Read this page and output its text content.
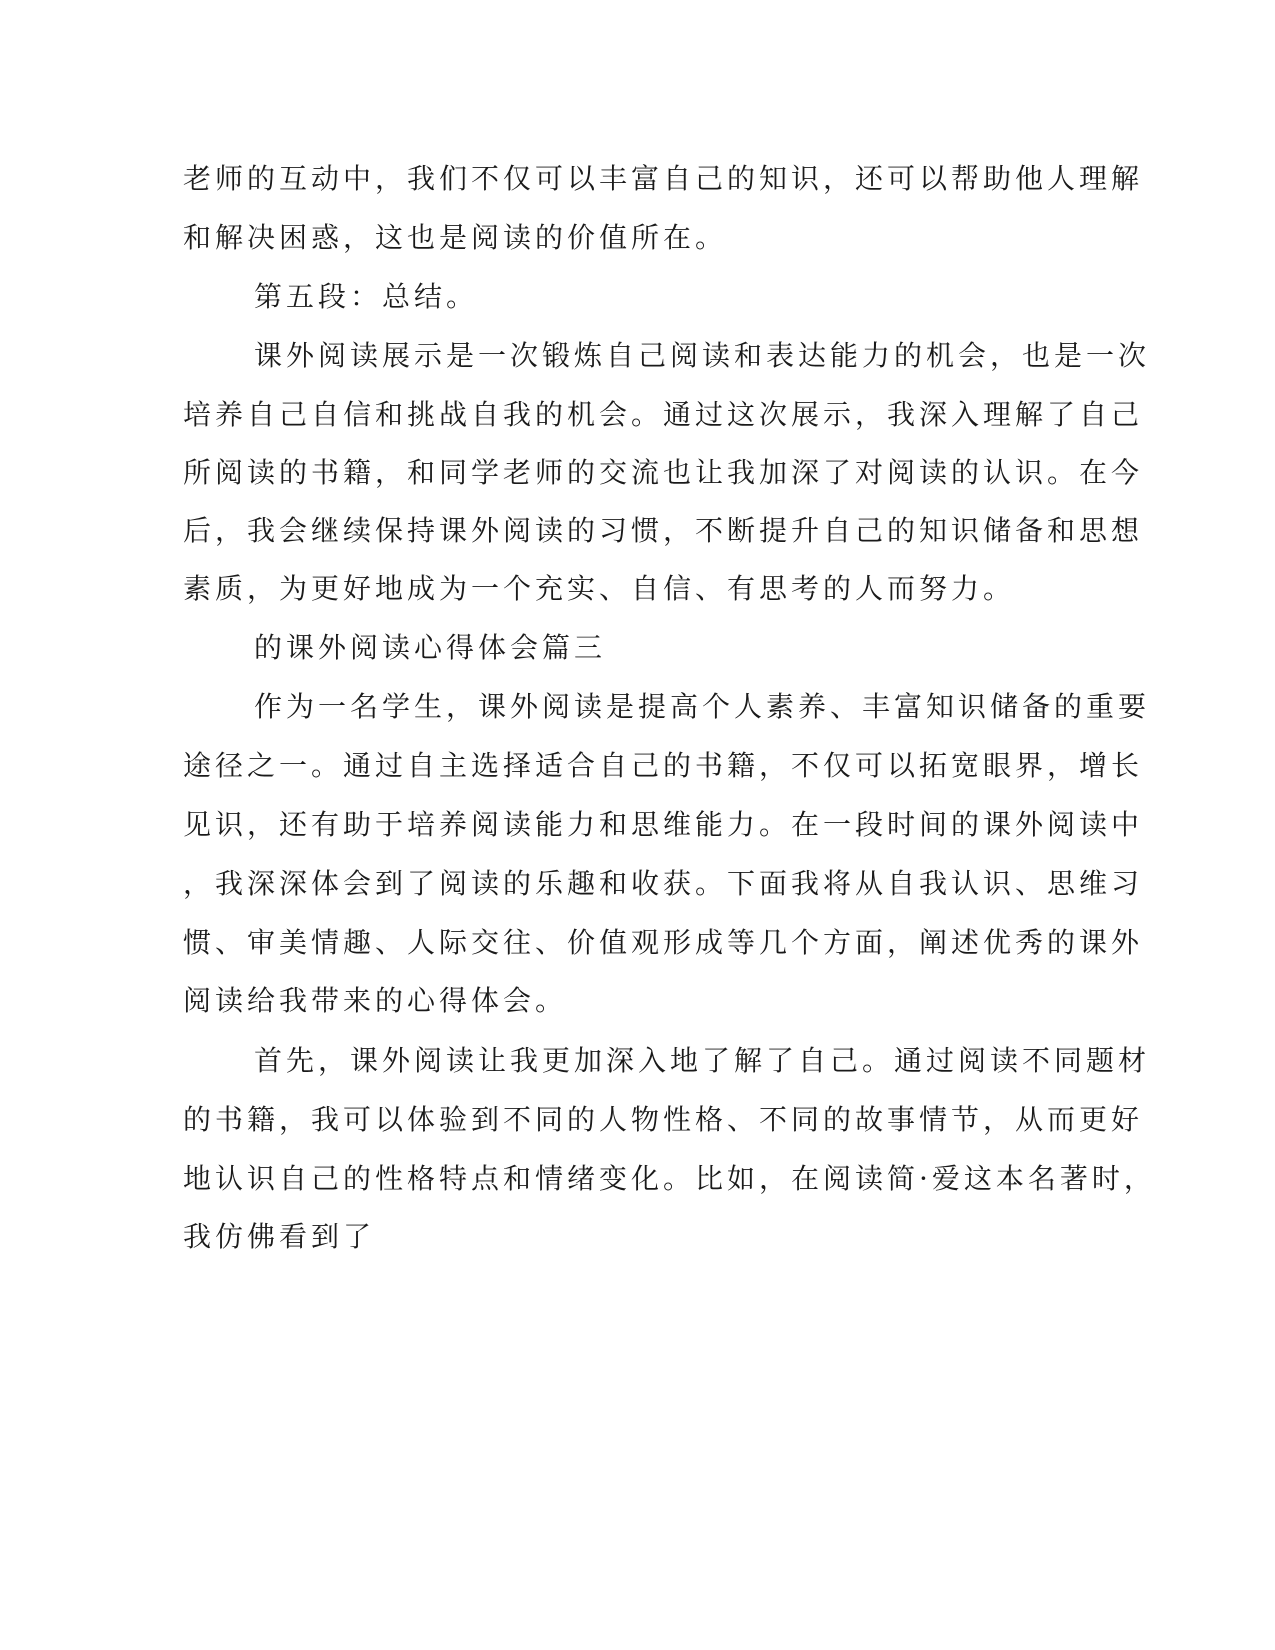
老师的互动中，我们不仅可以丰富自己的知识，还可以帮助他人理解
和解决困惑，这也是阅读的价值所在。
第五段：总结。
课外阅读展示是一次锻炼自己阅读和表达能力的机会，也是一次
培养自己自信和挑战自我的机会。通过这次展示，我深入理解了自己
所阅读的书籍，和同学老师的交流也让我加深了对阅读的认识。在今
后，我会继续保持课外阅读的习惯，不断提升自己的知识储备和思想
素质，为更好地成为一个充实、自信、有思考的人而努力。
的课外阅读心得体会篇三
作为一名学生，课外阅读是提高个人素养、丰富知识储备的重要
途径之一。通过自主选择适合自己的书籍，不仅可以拓宽眼界，增长
见识，还有助于培养阅读能力和思维能力。在一段时间的课外阅读中
，我深深体会到了阅读的乐趣和收获。下面我将从自我认识、思维习
惯、审美情趣、人际交往、价值观形成等几个方面，阐述优秀的课外
阅读给我带来的心得体会。
首先，课外阅读让我更加深入地了解了自己。通过阅读不同题材
的书籍，我可以体验到不同的人物性格、不同的故事情节，从而更好
地认识自己的性格特点和情绪变化。比如，在阅读简·爱这本名著时，
我仿佛看到了
